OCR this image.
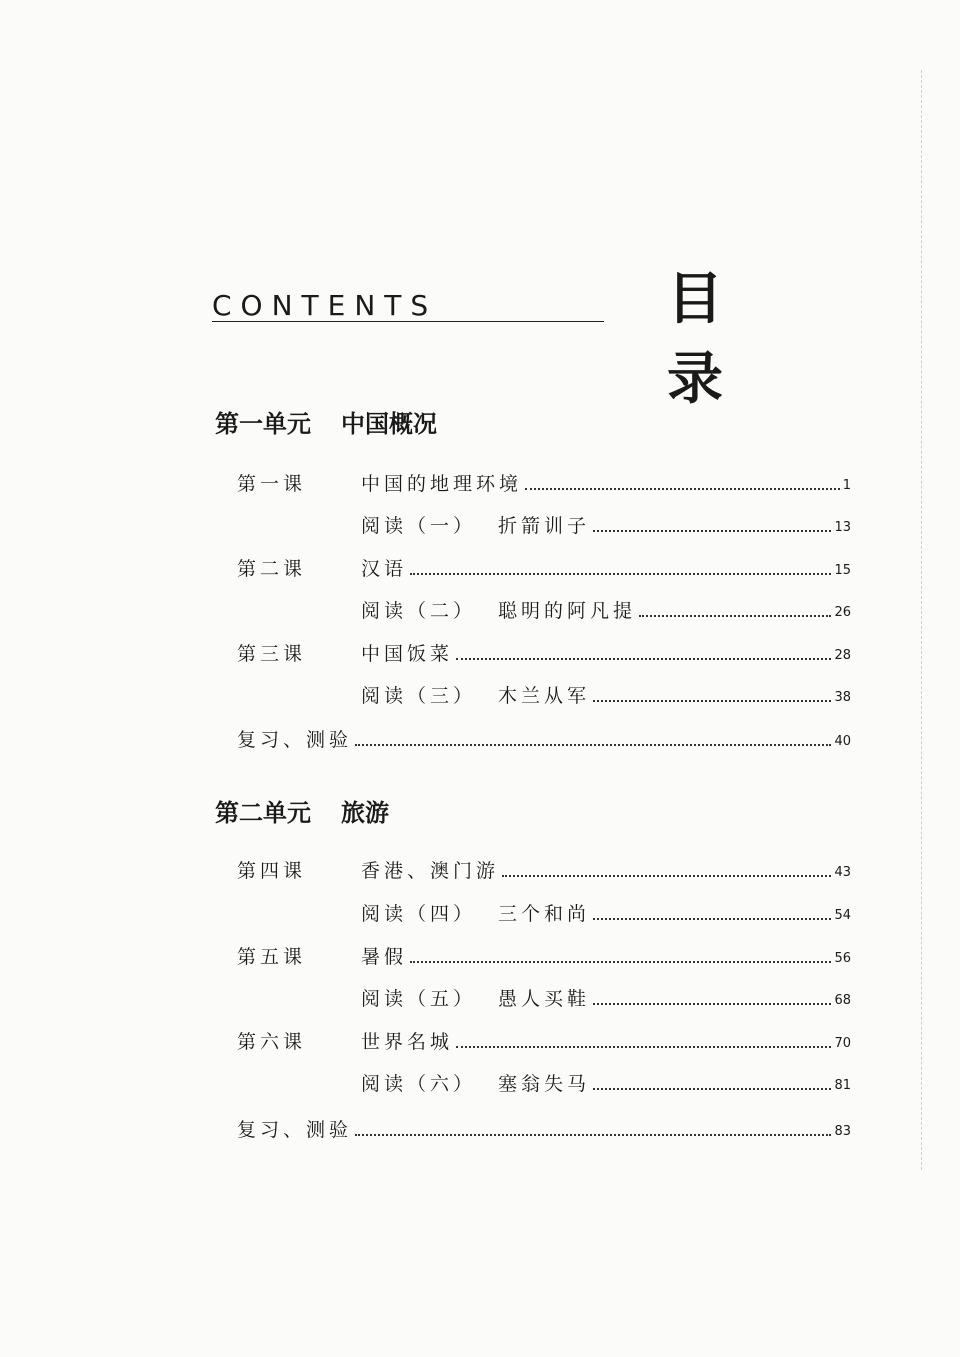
CONTENTS	目录
第一单元 中国概况
第一课	中国的地理环境	1
阅读（一） 折箭训子	13
第二课	汉语	15
阅读（二） 聪明的阿凡提	26
第三课	中国饭菜	28
阅读（三） 木兰从军	38
复习、测验	40
第二单元 旅游
第四课	香港、澳门游	43
阅读（四） 三个和尚	54
第五课	暑假	56
阅读（五） 愚人买鞋	68
第六课	世界名城	70
阅读（六） 塞翁失马	81
复习、测验	83
